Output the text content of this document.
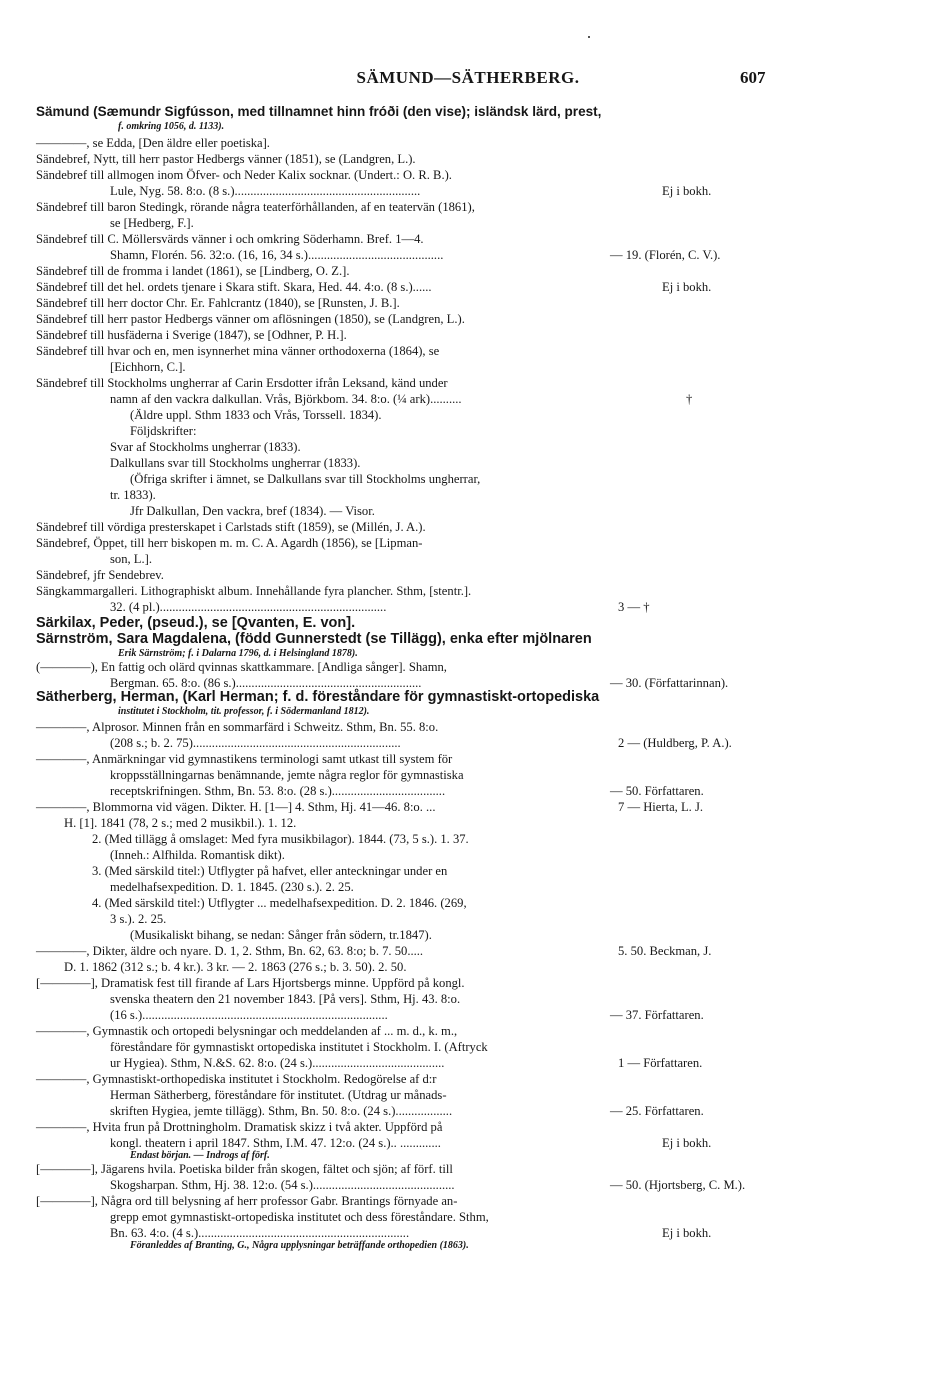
SÄMUND—SÄTHERBERG.	607
Sämund (Sæmundr Sigfússon, med tillnamnet hinn fróði (den vise); isländsk lärd, prest,
f. omkring 1056, d. 1133).
————, se Edda, [Den äldre eller poetiska].
Sändebref, Nytt, till herr pastor Hedbergs vänner (1851), se (Landgren, L.).
Sändebref till allmogen inom Öfver- och Neder Kalix socknar. (Undert.: O. R. B.).
Lule, Nyg. 58. 8:o. (8 s.)...........................................................
Sändebref till baron Stedingk, rörande några teaterförhållanden, af en teatervän (1861),
se [Hedberg, F.].
Sändebref till C. Möllersvärds vänner i och omkring Söderhamn. Bref. 1—4.
Shamn, Florén. 56. 32:o. (16, 16, 34 s.)...........................................
Sändebref till de fromma i landet (1861), se [Lindberg, O. Z.].
Sändebref till det hel. ordets tjenare i Skara stift. Skara, Hed. 44. 4:o. (8 s.)......
Sändebref till herr doctor Chr. Er. Fahlcrantz (1840), se [Runsten, J. B.].
Sändebref till herr pastor Hedbergs vänner om aflösningen (1850), se (Landgren, L.).
Sändebref till husfäderna i Sverige (1847), se [Odhner, P. H.].
Sändebref till hvar och en, men isynnerhet mina vänner orthodoxerna (1864), se
[Eichhorn, C.].
Sändebref till Stockholms ungherrar af Carin Ersdotter ifrån Leksand, känd under
namn af den vackra dalkullan. Vrås, Björkbom. 34. 8:o. (¼ ark)..........
(Äldre uppl. Sthm 1833 och Vrås, Torssell. 1834).
Följdskrifter:
Svar af Stockholms ungherrar (1833).
Dalkullans svar till Stockholms ungherrar (1833).
(Öfriga skrifter i ämnet, se Dalkullans svar till Stockholms ungherrar,
tr. 1833).
Jfr Dalkullan, Den vackra, bref (1834). — Visor.
Sändebref till vördiga presterskapet i Carlstads stift (1859), se (Millén, J. A.).
Sändebref, Öppet, till herr biskopen m. m. C. A. Agardh (1856), se [Lipman-
son, L.].
Sändebref, jfr Sendebrev.
Sängkammargalleri. Lithographiskt album. Innehållande fyra plancher. Sthm, [stentr.].
32. (4 pl.)........................................................................
Särkilax, Peder, (pseud.), se [Qvanten, E. von].
Särnström, Sara Magdalena, (född Gunnerstedt (se Tillägg), enka efter mjölnaren
Erik Särnström; f. i Dalarna 1796, d. i Helsingland 1878).
(————), En fattig och olärd qvinnas skattkammare. [Andliga sånger]. Shamn,
Bergman. 65. 8:o. (86 s.)...........................................................
Sätherberg, Herman, (Karl Herman; f. d. föreståndare för gymnastiskt-ortopediska
institutet i Stockholm, tit. professor, f. i Södermanland 1812).
————, Alprosor. Minnen från en sommarfärd i Schweitz. Sthm, Bn. 55. 8:o.
(208 s.; b. 2. 75)..................................................................
————, Anmärkningar vid gymnastikens terminologi samt utkast till system för
kroppsställningarnas benämnande, jemte några reglor för gymnastiska
receptskrifningen. Sthm, Bn. 53. 8:o. (28 s.)....................................
————, Blommorna vid vägen. Dikter. H. [1—] 4. Sthm, Hj. 41—46. 8:o. ...
H. [1]. 1841 (78, 2 s.; med 2 musikbil.). 1. 12.
2. (Med tillägg å omslaget: Med fyra musikbilagor). 1844. (73, 5 s.). 1. 37.
(Inneh.: Alfhilda. Romantisk dikt).
3. (Med särskild titel:) Utflygter på hafvet, eller anteckningar under en
medelhafsexpedition. D. 1. 1845. (230 s.). 2. 25.
4. (Med särskild titel:) Utflygter ... medelhafsexpedition. D. 2. 1846. (269,
3 s.). 2. 25.
(Musikaliskt bihang, se nedan: Sånger från södern, tr.1847).
————, Dikter, äldre och nyare. D. 1, 2. Sthm, Bn. 62, 63. 8:o; b. 7. 50.....
D. 1. 1862 (312 s.; b. 4 kr.). 3 kr. — 2. 1863 (276 s.; b. 3. 50). 2. 50.
[————], Dramatisk fest till firande af Lars Hjortsbergs minne. Uppförd på kongl.
svenska theatern den 21 november 1843. [På vers]. Sthm, Hj. 43. 8:o.
(16 s.)..............................................................................
————, Gymnastik och ortopedi belysningar och meddelanden af ... m. d., k. m.,
föreståndare för gymnastiskt ortopediska institutet i Stockholm. I. (Aftryck
ur Hygiea). Sthm, N.&S. 62. 8:o. (24 s.)..........................................
————, Gymnastiskt-orthopediska institutet i Stockholm. Redogörelse af d:r
Herman Sätherberg, föreståndare för institutet. (Utdrag ur månads-
skriften Hygiea, jemte tillägg). Sthm, Bn. 50. 8:o. (24 s.)..................
————, Hvita frun på Drottningholm. Dramatisk skizz i två akter. Uppförd på
kongl. theatern i april 1847. Sthm, I.M. 47. 12:o. (24 s.).. .............
Endast början. — Indrogs af förf.
[————], Jägarens hvila. Poetiska bilder från skogen, fältet och sjön; af förf. till
Skogsharpan. Sthm, Hj. 38. 12:o. (54 s.).............................................
[————], Några ord till belysning af herr professor Gabr. Brantings förnyade an-
grepp emot gymnastiskt-ortopediska institutet och dess föreståndare. Sthm,
Bn. 63. 4:o. (4 s.)...................................................................
Föranleddes af Branting, G., Några upplysningar beträffande orthopedien (1863).
Ej i bokh.
— 19. (Florén, C. V.).
Ej i bokh.
†
3 — †
— 30. (Författarinnan).
2 — (Huldberg, P. A.).
— 50. Författaren.
7 — Hierta, L. J.
5. 50. Beckman, J.
— 37. Författaren.
1 — Författaren.
— 25. Författaren.
Ej i bokh.
— 50. (Hjortsberg, C. M.).
Ej i bokh.
